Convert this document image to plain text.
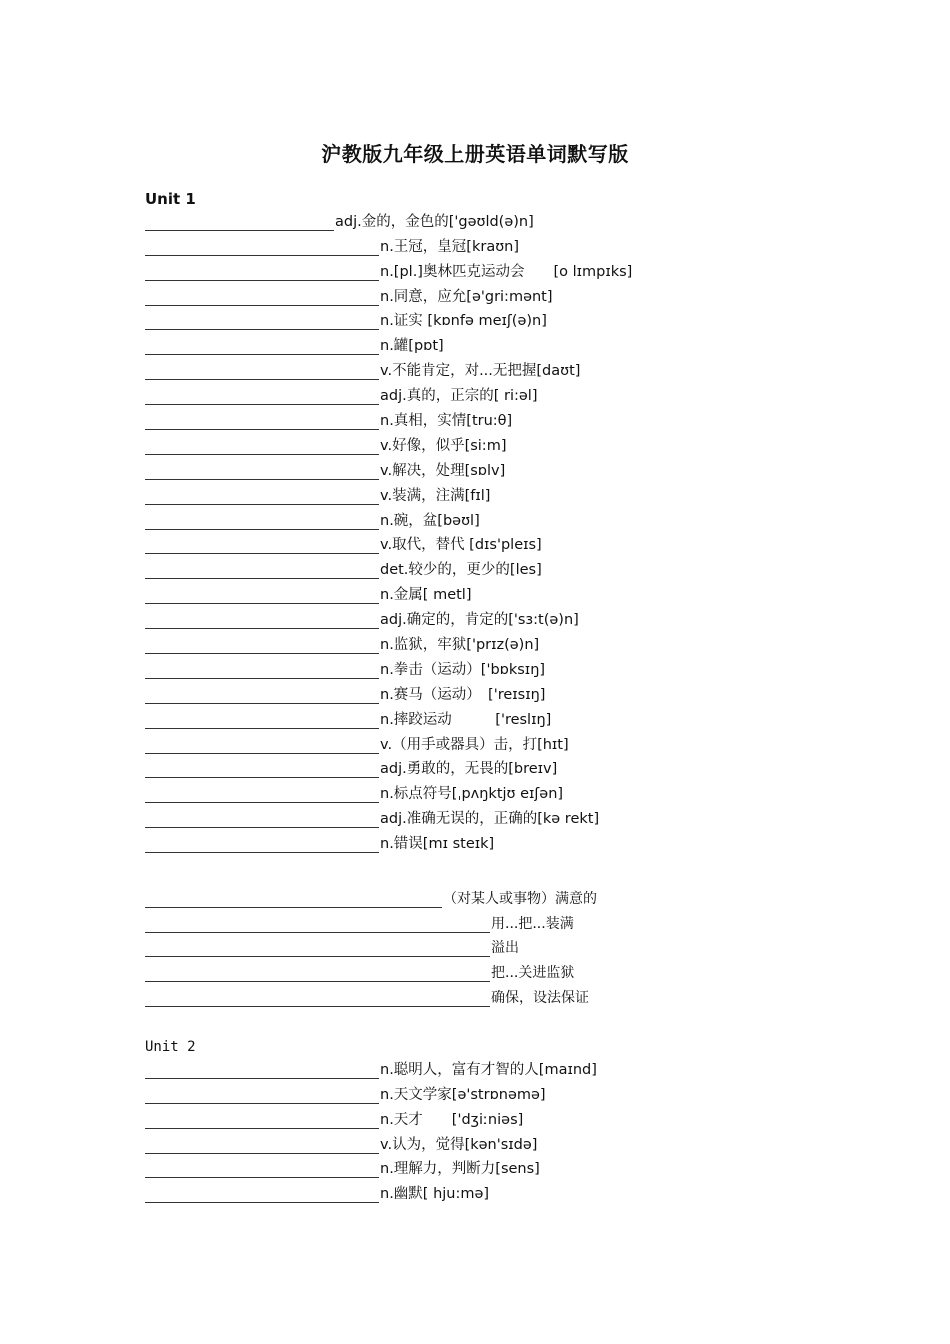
沪教版九年级上册英语单词默写版
Unit 1
adj.金的，金色的['gəʊld(ə)n]
n.王冠，皇冠[kraʊn]
n.[pl.]奥林匹克运动会　　[o lɪmpɪks]
n.同意，应允[ə'gri:mənt]
n.证实 [kɒnfə meɪʃ(ə)n]
n.罐[pɒt]
v.不能肯定，对...无把握[daʊt]
adj.真的，正宗的[ ri:əl]
n.真相，实情[tru:θ]
v.好像，似乎[si:m]
v.解决，处理[sɒlv]
v.装满，注满[fɪl]
n.碗，盆[bəʊl]
v.取代，替代 [dɪs'pleɪs]
det.较少的，更少的[les]
n.金属[ metl]
adj.确定的，肯定的['sɜ:t(ə)n]
n.监狱，牢狱['prɪz(ə)n]
n.拳击（运动）['bɒksɪŋ]
n.赛马（运动）　['reɪsɪŋ]
n.摔跤运动　　　['reslɪŋ]
v.（用手或器具）击，打[hɪt]
adj.勇敢的，无畏的[breɪv]
n.标点符号[ˌpʌŋktjʊ eɪʃən]
adj.准确无误的，正确的[kə rekt]
n.错误[mɪ steɪk]
（对某人或事物）满意的
用...把...装满
溢出
把...关进监狱
确保，设法保证
Unit 2
n.聪明人，富有才智的人[maɪnd]
n.天文学家[ə'strɒnəmə]
n.天才　　['dʒiːniəs]
v.认为，觉得[kən'sɪdə]
n.理解力，判断力[sens]
n.幽默[ hju:mə]
